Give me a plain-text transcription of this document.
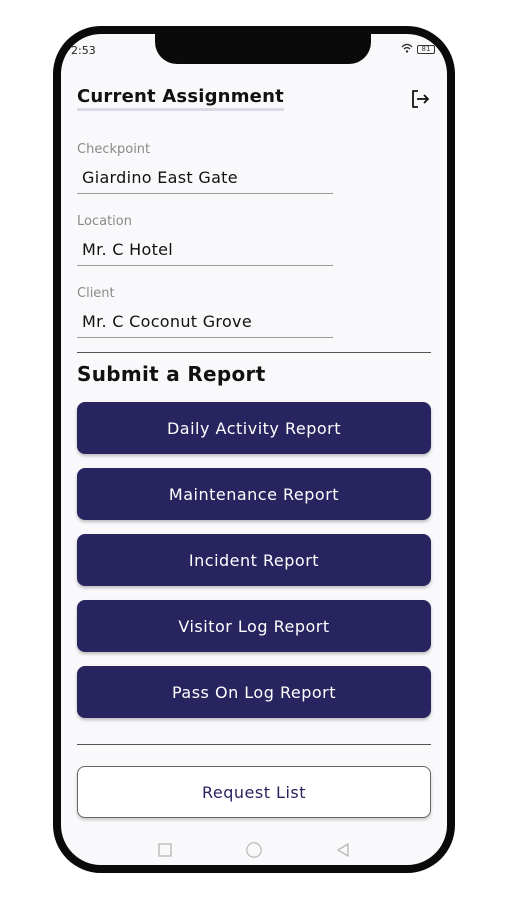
2:53	81
Current Assignment
Checkpoint
Giardino East Gate
Location
Mr. C Hotel
Client
Mr. C Coconut Grove
Submit a Report
Daily Activity Report
Maintenance Report
Incident Report
Visitor Log Report
Pass On Log Report
Request List
